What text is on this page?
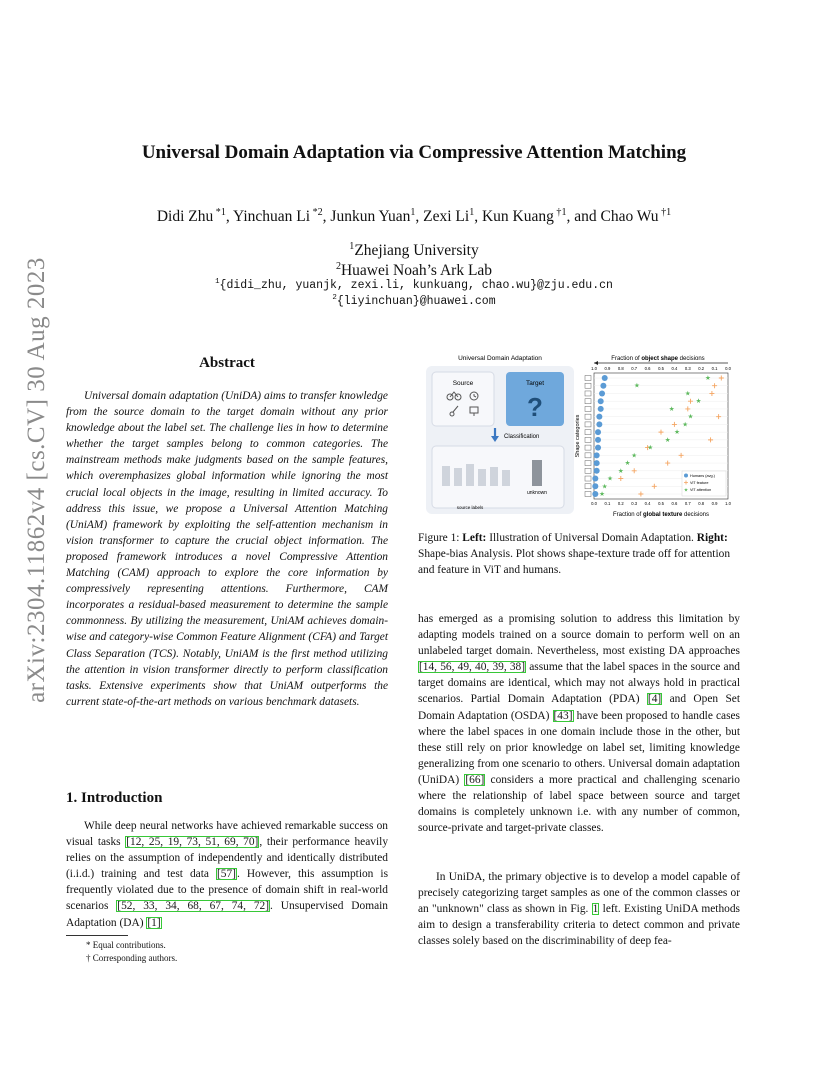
arXiv:2304.11862v4 [cs.CV] 30 Aug 2023
Universal Domain Adaptation via Compressive Attention Matching
Didi Zhu $^{*1}$, Yinchuan Li $^{*2}$, Junkun Yuan$^1$, Zexi Li$^1$, Kun Kuang $^{\dagger 1}$, and Chao Wu $^{\dagger 1}$
$^1$Zhejiang University
$^2$Huawei Noah’s Ark Lab
$^1${didi_zhu, yuanjk, zexi.li, kunkuang, chao.wu}@zju.edu.cn
$^2${liyinchuan}@huawei.com
Abstract
Universal domain adaptation (UniDA) aims to transfer knowledge from the source domain to the target domain without any prior knowledge about the label set. The challenge lies in how to determine whether the target samples belong to common categories. The mainstream methods make judgments based on the sample features, which overemphasizes global information while ignoring the most crucial local objects in the image, resulting in limited accuracy. To address this issue, we propose a Universal Attention Matching (UniAM) framework by exploiting the self-attention mechanism in vision transformer to capture the crucial object information. The proposed framework introduces a novel Compressive Attention Matching (CAM) approach to explore the core information by compressively representing attentions. Furthermore, CAM incorporates a residual-based measurement to determine the sample commonness. By utilizing the measurement, UniAM achieves domain-wise and category-wise Common Feature Alignment (CFA) and Target Class Separation (TCS). Notably, UniAM is the first method utilizing the attention in vision transformer directly to perform classification tasks. Extensive experiments show that UniAM outperforms the current state-of-the-art methods on various benchmark datasets.
1. Introduction
While deep neural networks have achieved remarkable success on visual tasks [12, 25, 19, 73, 51, 69, 70], their performance heavily relies on the assumption of independently and identically distributed (i.i.d.) training and test data [57]. However, this assumption is frequently violated due to the presence of domain shift in real-world scenarios [52, 33, 34, 68, 67, 74, 72]. Unsupervised Domain Adaptation (DA) [1]
* Equal contributions.
† Corresponding authors.
Universal Domain Adaptation
Source	Target
?
Classification
unknown
source labels
Fraction of object shape decisions
1.0 0.9 0.8 0.7 0.6 0.5 0.4 0.3 0.2 0.1 0.0
Shape categories
★
★
★
★
★
★
★
★
★
★
★
★
★
★
★
★
0.0 0.1 0.2 0.3 0.4 0.5 0.6 0.7 0.8 0.9 1.0
Fraction of global texture decisions
Humans (avg.)
ViT feature
★ ViT attention
Figure 1: Left: Illustration of Universal Domain Adaptation. Right: Shape-bias Analysis. Plot shows shape-texture trade off for attention and feature in ViT and humans.
has emerged as a promising solution to address this limitation by adapting models trained on a source domain to perform well on an unlabeled target domain. Nevertheless, most existing DA approaches [14, 56, 49, 40, 39, 38] assume that the label spaces in the source and target domains are identical, which may not always hold in practical scenarios. Partial Domain Adaptation (PDA) [4] and Open Set Domain Adaptation (OSDA) [43] have been proposed to handle cases where the label spaces in one domain include those in the other, but these still rely on prior knowledge on label set, limiting knowledge generalizing from one scenario to others. Universal domain adaptation (UniDA) [66] considers a more practical and challenging scenario where the relationship of label space between source and target domains is completely unknown i.e. with any number of common, source-private and target-private classes.
In UniDA, the primary objective is to develop a model capable of precisely categorizing target samples as one of the common classes or an "unknown" class as shown in Fig. 1 left. Existing UniDA methods aim to design a transferability criteria to detect common and private classes solely based on the discriminability of deep fea-
